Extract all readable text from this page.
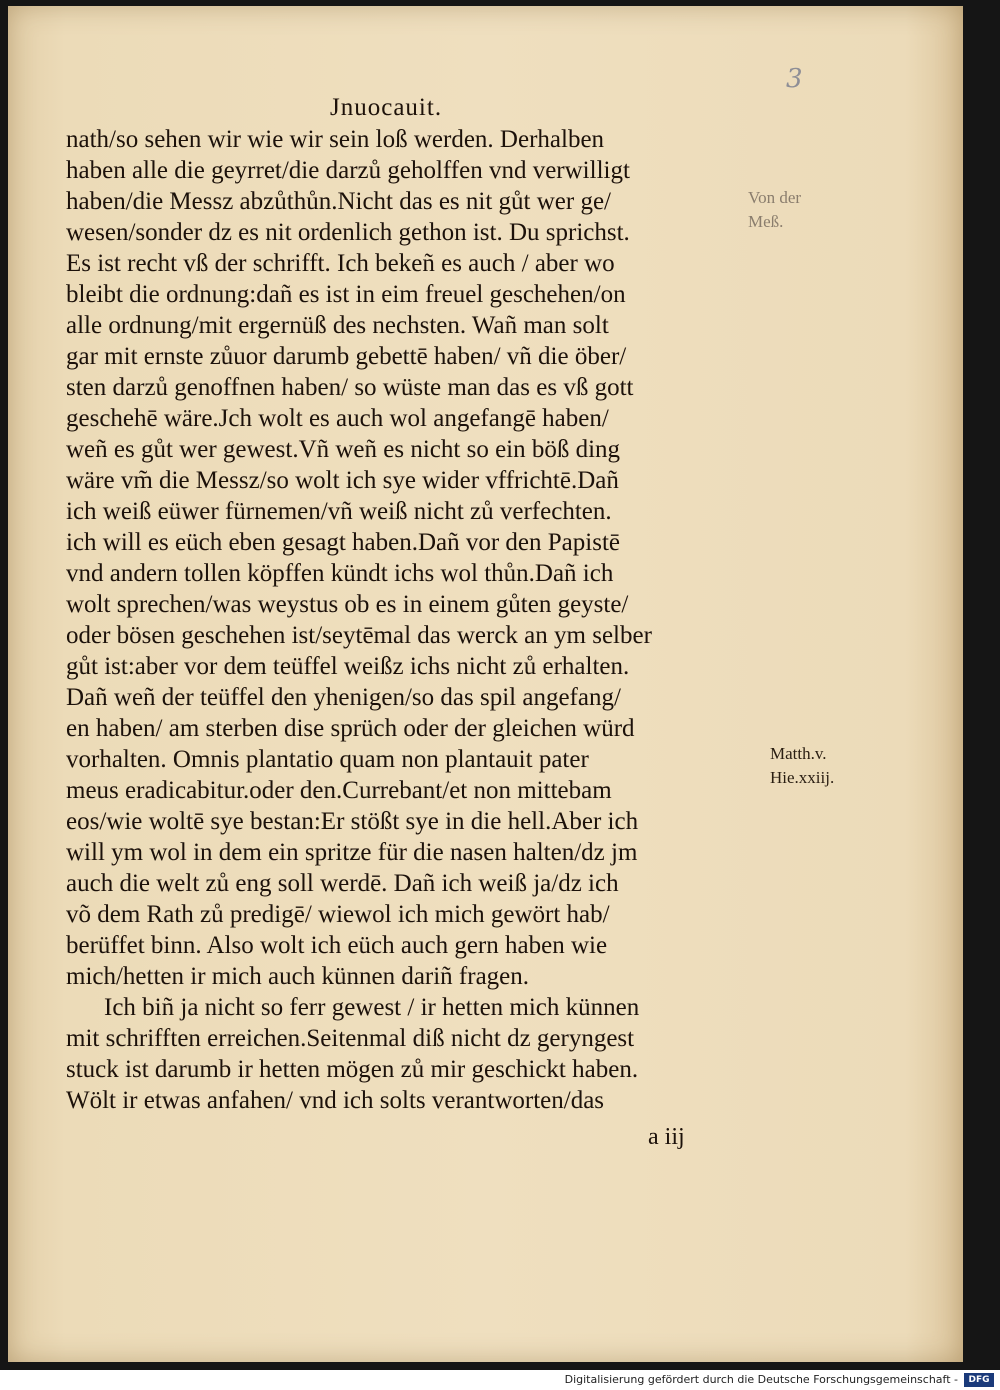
3
Jnuocauit.
nath/so sehen wir wie wir sein loß werden. Derhalben
haben alle die geyrret/die darzů geholffen vnd verwilligt
haben/die Messz abzůthůn.Nicht das es nit gůt wer ge/
wesen/sonder dz es nit ordenlich gethon ist. Du sprichst.
Es ist recht vß der schrifft. Ich bekeñ es auch / aber wo
bleibt die ordnung:dañ es ist in eim freuel geschehen/on
alle ordnung/mit ergernüß des nechsten. Wañ man solt
gar mit ernste zůuor darumb gebettē haben/ vñ die öber/
sten darzů genoffnen haben/ so wüste man das es vß gott
geschehē wäre.Jch wolt es auch wol angefangē haben/
weñ es gůt wer gewest.Vñ weñ es nicht so ein böß ding
wäre vm̃ die Messz/so wolt ich sye wider vffrichtē.Dañ
ich weiß eüwer fürnemen/vñ weiß nicht zů verfechten.
ich will es eüch eben gesagt haben.Dañ vor den Papistē
vnd andern tollen köpffen kündt ichs wol thůn.Dañ ich
wolt sprechen/was weystus ob es in einem gůten geyste/
oder bösen geschehen ist/seytēmal das werck an ym selber
gůt ist:aber vor dem teüffel weißz ichs nicht zů erhalten.
Dañ weñ der teüffel den yhenigen/so das spil angefang/
en haben/ am sterben dise sprüch oder der gleichen würd
vorhalten. Omnis plantatio quam non plantauit pater
meus eradicabitur.oder den.Currebant/et non mittebam
eos/wie woltē sye bestan:Er stößt sye in die hell.Aber ich
will ym wol in dem ein spritze für die nasen halten/dz jm
auch die welt zů eng soll werdē. Dañ ich weiß ja/dz ich
võ dem Rath zů predigē/ wiewol ich mich gewört hab/
berüffet binn. Also wolt ich eüch auch gern haben wie
mich/hetten ir mich auch künnen dariñ fragen.
Ich biñ ja nicht so ferr gewest / ir hetten mich künnen
mit schrifften erreichen.Seitenmal diß nicht dz geryngest
stuck ist darumb ir hetten mögen zů mir geschickt haben.
Wölt ir etwas anfahen/ vnd ich solts verantworten/das
a iij
Von der
Meß.
Matth.v.
Hie.xxiij.
Digitalisierung gefördert durch die Deutsche Forschungsgemeinschaft -	DFG
